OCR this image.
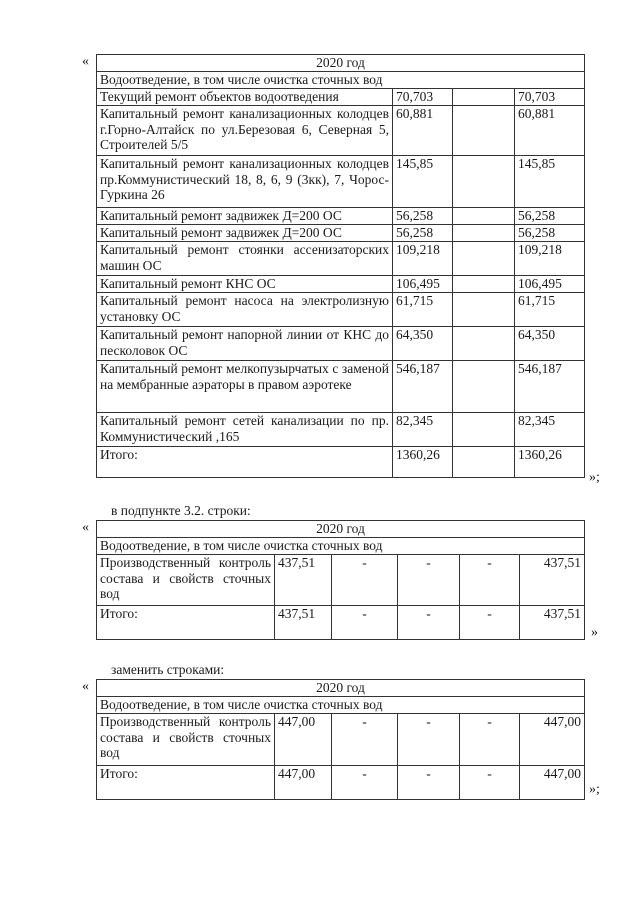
«	2020 год			
Водоотведение, в том числе очистка сточных вод			
Текущий ремонт объектов водоотведения	70,703		70,703
Капитальный ремонт канализационных колодцев г.Горно-Алтайск по ул.Березовая 6, Северная 5, Строителей 5/5	60,881		60,881
Капитальный ремонт канализационных колодцев пр.Коммунистический 18, 8, 6, 9 (3кк), 7, Чорос-Гуркина 26	145,85		145,85
Капитальный ремонт задвижек Д=200 ОС	56,258		56,258
Капитальный ремонт задвижек Д=200 ОС	56,258		56,258
Капитальный ремонт стоянки ассенизаторских машин ОС	109,218		109,218
Капитальный ремонт КНС ОС	106,495		106,495
Капитальный ремонт насоса на электролизную установку ОС	61,715		61,715
Капитальный ремонт напорной линии от КНС до песколовок ОС	64,350		64,350
Капитальный ремонт мелкопузырчатых с заменой на мембранные аэраторы в правом аэротеке	546,187		546,187
Капитальный ремонт сетей канализации по пр. Коммунистический ,165	82,345		82,345
Итого:	1360,26		1360,26
»;
в подпункте 3.2. строки:
«	2020 год					
Водоотведение, в том числе очистка сточных вод					
Производственный контроль состава и свойств сточных вод	437,51	-	-	-	437,51
Итого:	437,51	-	-	-	437,51
»
заменить строками:
«	2020 год					
Водоотведение, в том числе очистка сточных вод					
Производственный контроль состава и свойств сточных вод	447,00	-	-	-	447,00
Итого:	447,00	-	-	-	447,00
»;
